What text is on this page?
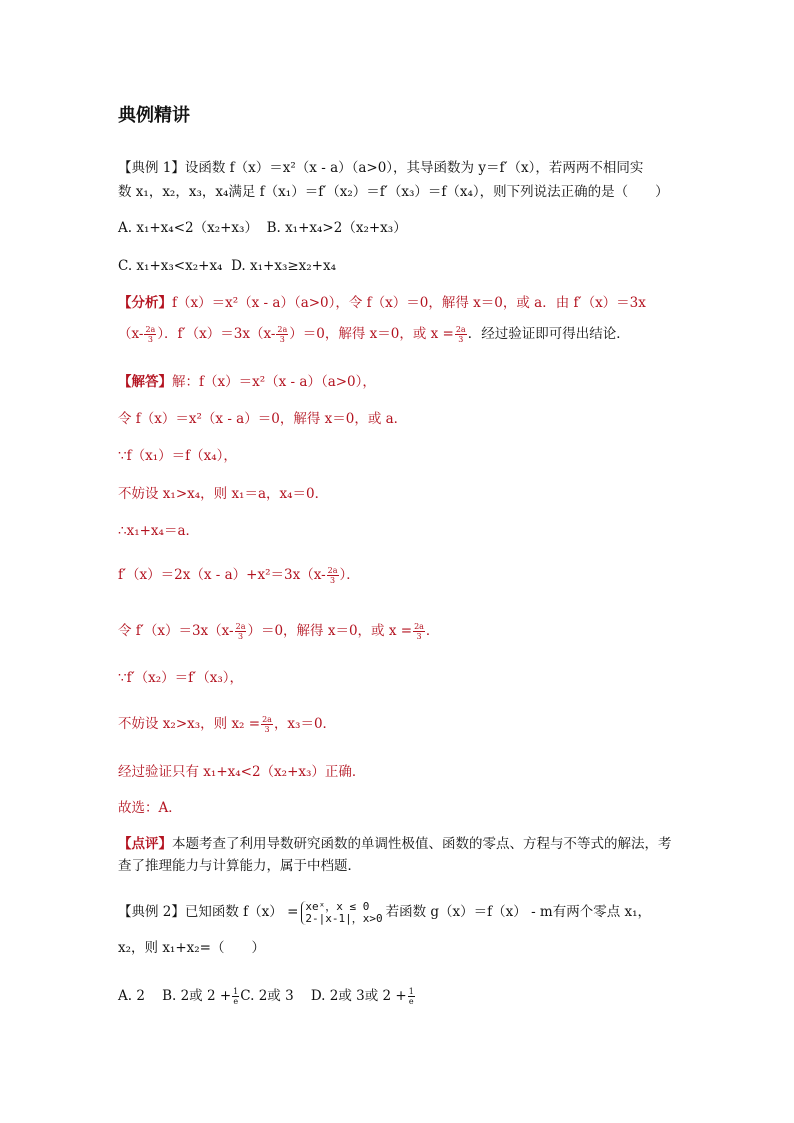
典例精讲
【典例 1】设函数 f（x）＝x²（x - a）（a>0），其导函数为 y＝f′（x），若两两不相同实
数 x₁，x₂，x₃，x₄满足 f（x₁）＝f′（x₂）＝f′（x₃）＝f（x₄），则下列说法正确的是（　　）
A. x₁+x₄<2（x₂+x₃） B. x₁+x₄>2（x₂+x₃）
C. x₁+x₃<x₂+x₄ D. x₁+x₃≥x₂+x₄
【分析】f（x）＝x²（x - a）（a>0），令 f（x）＝0，解得 x＝0，或 a．由 f′（x）＝3x
（$x- \frac{2a}{3}$ ）．$f'(x)=3x(x- \frac{2a}{3} )=0$，解得 x＝0，或 $x = \frac{2a}{3}$ ．经过验证即可得出结论．
【解答】解：f（x）＝x²（x - a）（a>0），
令 f（x）＝x²（x - a）＝0，解得 x＝0，或 a．
∵f（x₁）＝f（x₄），
不妨设 x₁>x₄，则 x₁＝a，x₄＝0．
∴x₁+x₄＝a．
$f'(x)=2x(x - a)+x^2=3x(x- \frac{2a}{3}$ ）．
令 $f'(x)=3x(x- \frac{2a}{3} )=0$，解得 x＝0，或 $x = \frac{2a}{3}$ ．
∵f′（x₂）＝f′（x₃），
不妨设 x₂>x₃，则 $x_2 = \frac{2a}{3}$ ，x₃＝0．
经过验证只有 x₁+x₄<2（x₂+x₃）正确．
故选：A．
【点评】本题考查了利用导数研究函数的单调性极值、函数的零点、方程与不等式的解法，考查了推理能力与计算能力，属于中档题．
【典例 2】已知函数 f（x） = xeˣ，x ≤ 0
2-|x-1|，x>0 若函数 g（x）＝f（x） - m有两个零点 x₁，
x₂，则 x₁+x₂=（　　）
A. 2 B. 2或 $2 + \frac{1}{e} C$. 2或 3 D. 2或 3或 $2 + \frac{1}{e}$
